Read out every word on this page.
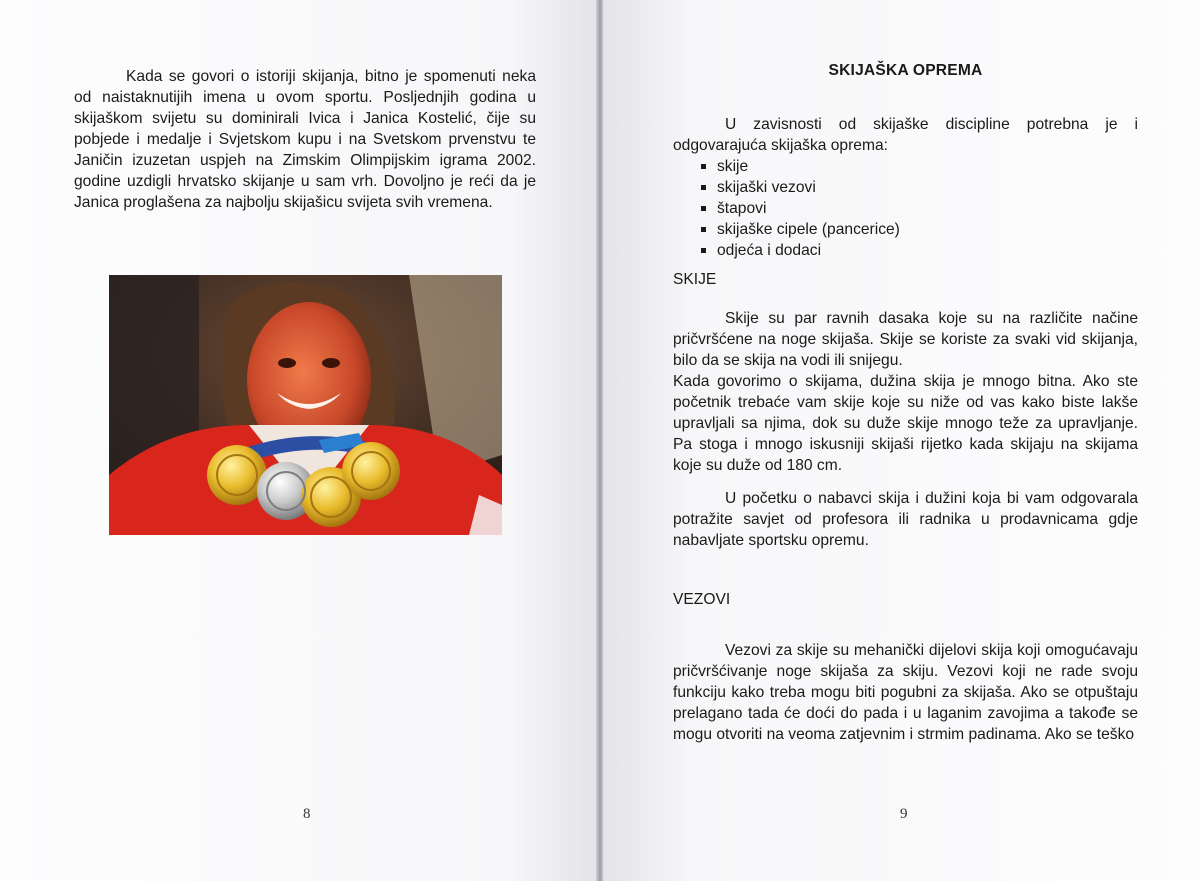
Kada se govori o istoriji skijanja, bitno je spomenuti neka od naistaknutijih imena u ovom sportu. Posljednjih godina u skijaškom svijetu su dominirali Ivica i Janica Kostelić, čije su pobjede i medalje i Svjetskom kupu i na Svetskom prvenstvu te Janičin izuzetan uspjeh na Zimskim Olimpijskim igrama 2002. godine uzdigli hrvatsko skijanje u sam vrh. Dovoljno je reći da je Janica proglašena za najbolju skijašicu svijeta svih vremena.
8
SKIJAŠKA OPREMA

U zavisnosti od skijaške discipline potrebna je i odgovarajuća skijaška oprema:

skije
skijaški vezovi
štapovi
skijaške cipele (pancerice)
odjeća i dodaci
SKIJE

Skije su par ravnih dasaka koje su na različite načine pričvršćene na noge skijaša. Skije se koriste za svaki vid skijanja, bilo da se skija na vodi ili snijegu.

Kada govorimo o skijama, dužina skija je mnogo bitna. Ako ste početnik trebaće vam skije koje su niže od vas kako biste lakše upravljali sa njima, dok su duže skije mnogo teže za upravljanje. Pa stoga i mnogo iskusniji skijaši rijetko kada skijaju na skijama koje su duže od 180 cm.

U početku o nabavci skija i dužini koja bi vam odgovarala potražite savjet od profesora ili radnika u prodavnicama gdje nabavljate sportsku opremu.

VEZOVI

Vezovi za skije su mehanički dijelovi skija koji omogućavaju pričvršćivanje noge skijaša za skiju. Vezovi koji ne rade svoju funkciju kako treba mogu biti pogubni za skijaša. Ako se otpuštaju prelagano tada će doći do pada i u laganim zavojima a takođe se mogu otvoriti na veoma zatjevnim i strmim padinama. Ako se teško

9
